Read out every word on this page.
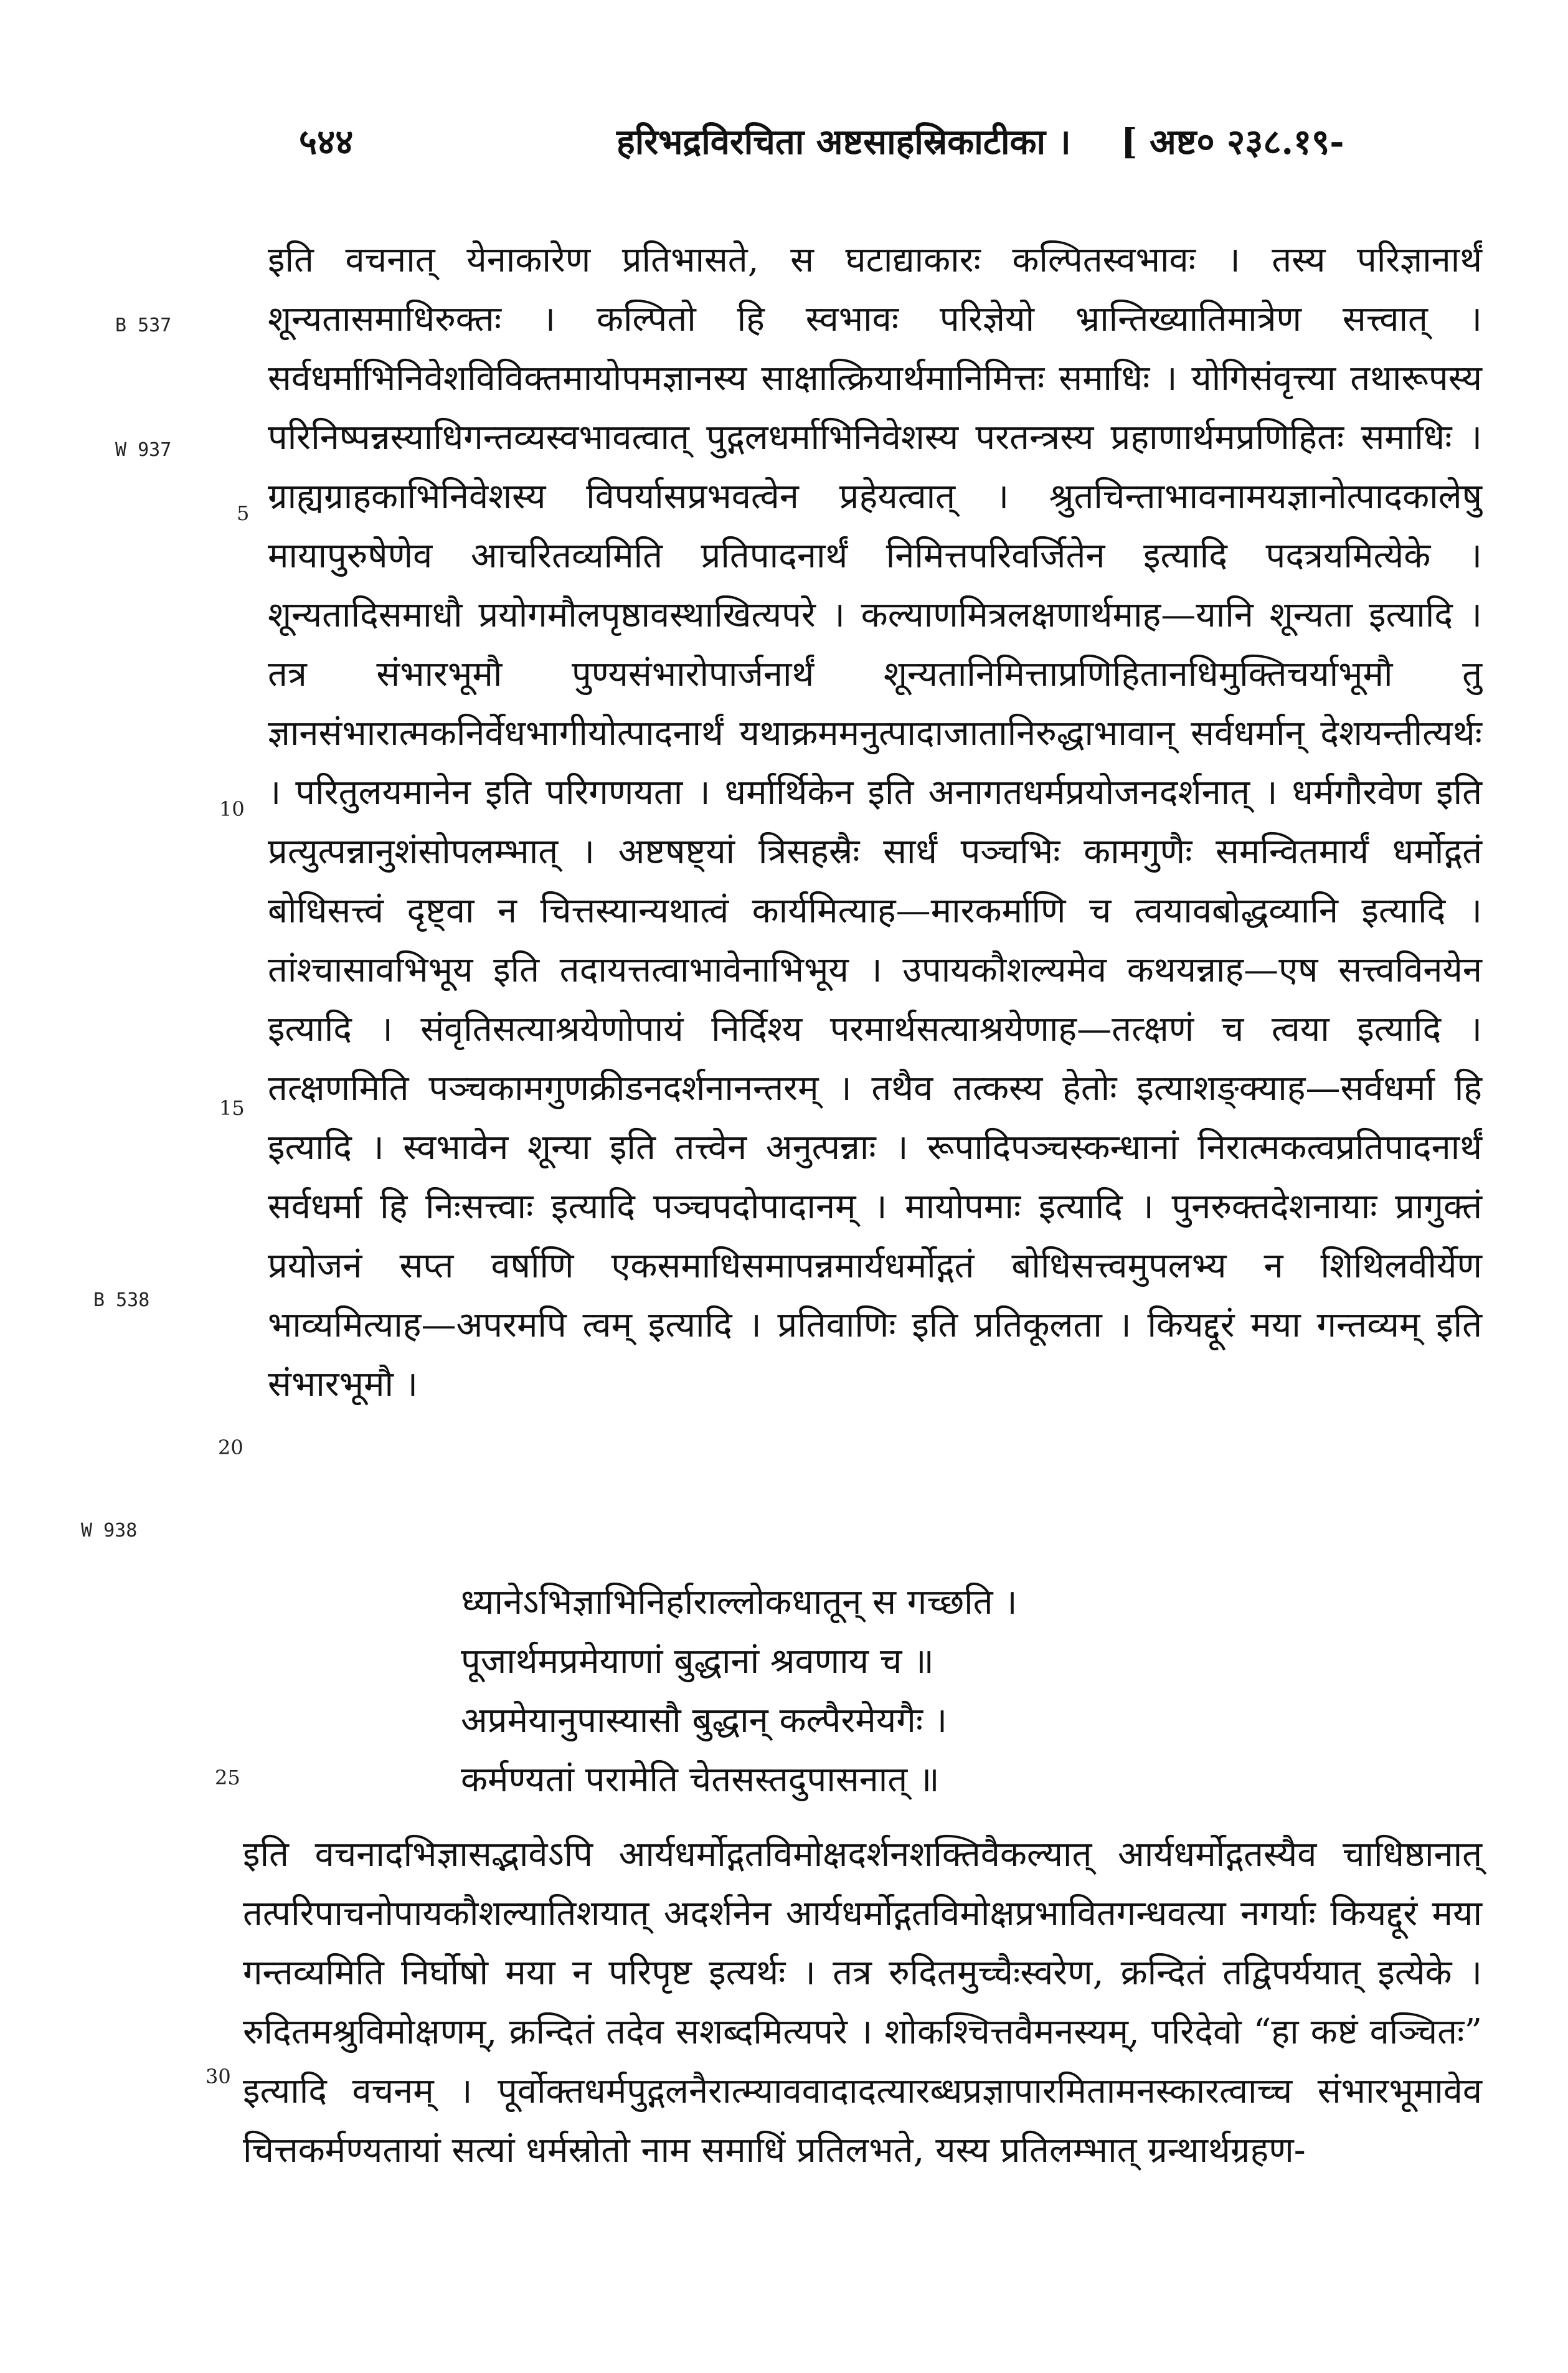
५४४	हरिभद्रविरचिता अष्टसाहस्रिकाटीका । [ अष्ट० २३८.१९-
B 537
W 937
B 538
W 938
5
10
15
20
25
30

इति वचनात् येनाकारेण प्रतिभासते, स घटाद्याकारः कल्पितस्वभावः । तस्य परिज्ञानार्थं शून्यतासमाधिरुक्तः । कल्पितो हि स्वभावः परिज्ञेयो भ्रान्तिख्यातिमात्रेण सत्त्वात् । सर्वधर्माभिनिवेशविविक्तमायोपमज्ञानस्य साक्षात्क्रियार्थमानिमित्तः समाधिः । योगिसंवृत्त्या तथारूपस्य परिनिष्पन्नस्याधिगन्तव्यस्वभावत्वात् पुद्गलधर्माभिनिवेशस्य परतन्त्रस्य प्रहाणार्थमप्रणिहितः समाधिः । ग्राह्यग्राहकाभिनिवेशस्य विपर्यासप्रभवत्वेन प्रहेयत्वात् । श्रुतचिन्ताभावनामयज्ञानोत्पादकालेषु मायापुरुषेणेव आचरितव्यमिति प्रतिपादनार्थं निमित्तपरिवर्जितेन इत्यादि पदत्रयमित्येके । शून्यतादिसमाधौ प्रयोगमौलपृष्ठावस्थाखित्यपरे । कल्याणमित्रलक्षणार्थमाह—यानि शून्यता इत्यादि । तत्र संभारभूमौ पुण्यसंभारोपार्जनार्थं शून्यतानिमित्ताप्रणिहितानधिमुक्तिचर्याभूमौ तु ज्ञानसंभारात्मकनिर्वेधभागीयोत्पादनार्थं यथाक्रममनुत्पादाजातानिरुद्धाभावान् सर्वधर्मान् देशयन्तीत्यर्थः । परितुलयमानेन इति परिगणयता । धर्मार्थिकेन इति अनागतधर्मप्रयोजनदर्शनात् । धर्मगौरवेण इति प्रत्युत्पन्नानुशंसोपलम्भात् । अष्टषष्ट्यां त्रिसहस्रैः सार्धं पञ्चभिः कामगुणैः समन्वितमार्यं धर्मोद्गतं बोधिसत्त्वं दृष्ट्वा न चित्तस्यान्यथात्वं कार्यमित्याह—मारकर्माणि च त्वयावबोद्धव्यानि इत्यादि । तांश्चासावभिभूय इति तदायत्तत्वाभावेनाभिभूय । उपायकौशल्यमेव कथयन्नाह—एष सत्त्वविनयेन इत्यादि । संवृतिसत्याश्रयेणोपायं निर्दिश्य परमार्थसत्याश्रयेणाह—तत्क्षणं च त्वया इत्यादि । तत्क्षणमिति पञ्चकामगुणक्रीडनदर्शनानन्तरम् । तथैव तत्कस्य हेतोः इत्याशङ्क्याह—सर्वधर्मा हि इत्यादि । स्वभावेन शून्या इति तत्त्वेन अनुत्पन्नाः । रूपादिपञ्चस्कन्धानां निरात्मकत्वप्रतिपादनार्थं सर्वधर्मा हि निःसत्त्वाः इत्यादि पञ्चपदोपादानम् । मायोपमाः इत्यादि । पुनरुक्तदेशनायाः प्रागुक्तं प्रयोजनं सप्त वर्षाणि एकसमाधिसमापन्नमार्यधर्मोद्गतं बोधिसत्त्वमुपलभ्य न शिथिलवीर्येण भाव्यमित्याह—अपरमपि त्वम् इत्यादि । प्रतिवाणिः इति प्रतिकूलता । कियद्दूरं मया गन्तव्यम् इति संभारभूमौ ।

ध्यानेऽभिज्ञाभिनिर्हाराल्लोकधातून् स गच्छति ।
पूजार्थमप्रमेयाणां बुद्धानां श्रवणाय च ॥
अप्रमेयानुपास्यासौ बुद्धान् कल्पैरमेयगैः ।
कर्मण्यतां परामेति चेतसस्तदुपासनात् ॥

इति वचनादभिज्ञासद्भावेऽपि आर्यधर्मोद्गतविमोक्षदर्शनशक्तिवैकल्यात् आर्यधर्मोद्गतस्यैव चाधिष्ठानात् तत्परिपाचनोपायकौशल्यातिशयात् अदर्शनेन आर्यधर्मोद्गतविमोक्षप्रभावितगन्धवत्या नगर्याः कियद्दूरं मया गन्तव्यमिति निर्घोषो मया न परिपृष्ट इत्यर्थः । तत्र रुदितमुच्चैःस्वरेण, क्रन्दितं तद्विपर्ययात् इत्येके । रुदितमश्रुविमोक्षणम्, क्रन्दितं तदेव सशब्दमित्यपरे । शोकश्चित्तवैमनस्यम्, परिदेवो “हा कष्टं वञ्चितः” इत्यादि वचनम् । पूर्वोक्तधर्मपुद्गलनैरात्म्याववादादत्यारब्धप्रज्ञापारमितामनस्कारत्वाच्च संभारभूमावेव चित्तकर्मण्यतायां सत्यां धर्मस्रोतो नाम समाधिं प्रतिलभते, यस्य प्रतिलम्भात् ग्रन्थार्थग्रहण-
